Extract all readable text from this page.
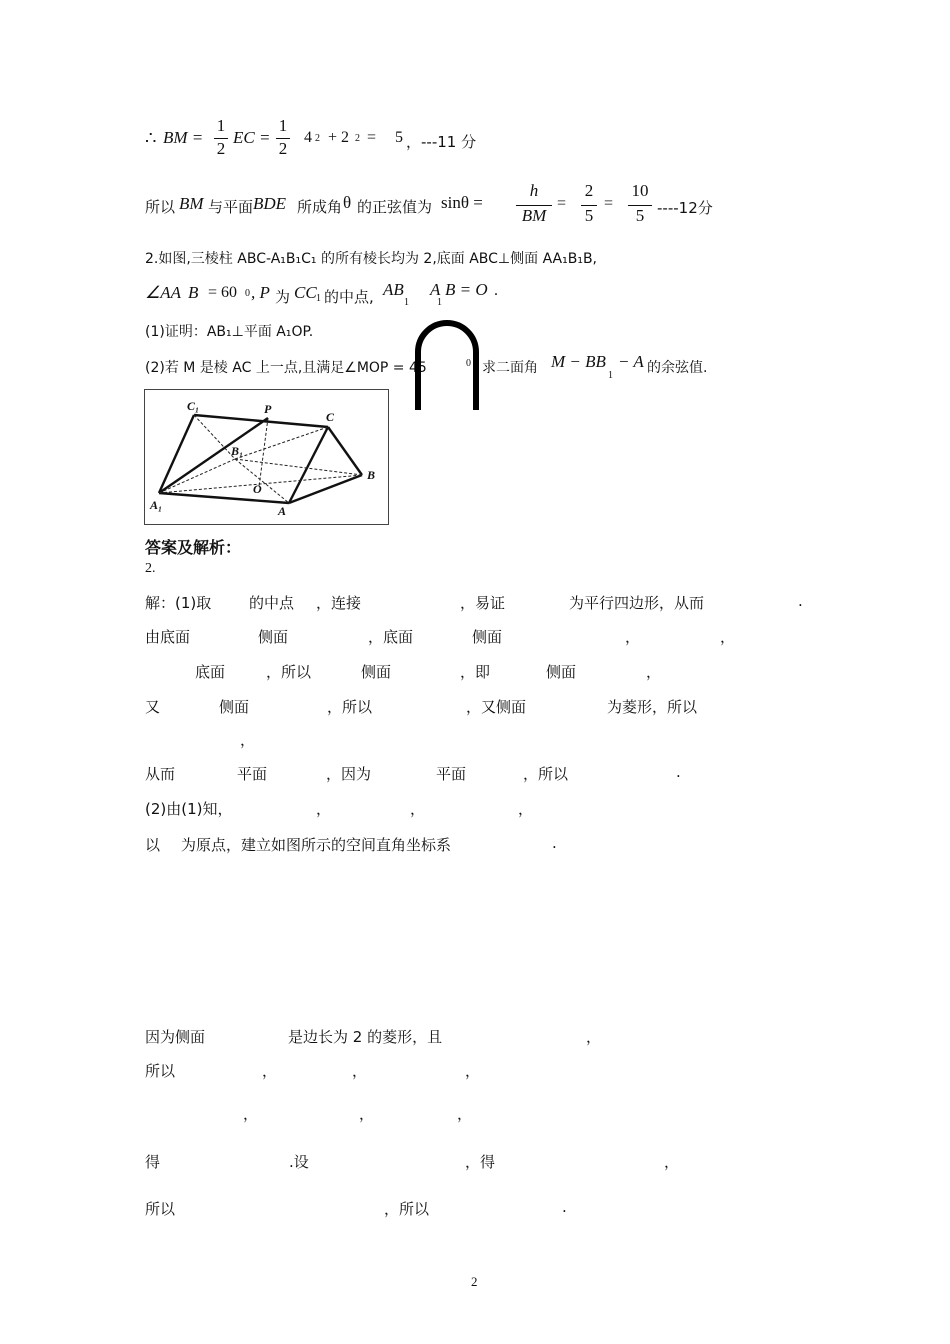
∴ BM = $\frac{1}{2}$ EC = $\frac{1}{2} 4$ 2 + 2 2 = 5 ，---11 分
所以 BM 与平面 BDE 所成角 θ 的正弦值为 $\sin\theta = \frac{h}{BM} = \frac{2}{5} = \frac{10}{5} ----12$分
2.如图,三棱柱 ABC-A₁B₁C₁ 的所有棱长均为 2,底面 ABC⊥侧面 AA₁B₁B,
∠AA B = 60 0 , P 为 CC 1 的中点, AB
1
A
1
B = O .
(1)证明：AB₁⊥平面 A₁OP.
(2)若 M 是棱 AC 上一点,且满足∠MOP = 45	0 求二面角 M − BB
1
− A 的余弦值.
C₁	P
C
B₁
B
O
A₁	A
答案及解析：
2.
解：(1)取	的中点 ，连接	，易证	为平行四边形，从而	.
由底面	侧面	，底面	侧面	，	，
底面	，所以	侧面	，即	侧面	，
又	侧面	，所以	，又侧面	为菱形，所以
，
从而	平面	，因为	平面	，所以	.
(2)由(1)知，	，	，	，
以 为原点，建立如图所示的空间直角坐标系	.
因为侧面	是边长为 2 的菱形，且	，
所以	，	，	，
，	，	，
得	.设	，得	，
所以	，所以	.
2
